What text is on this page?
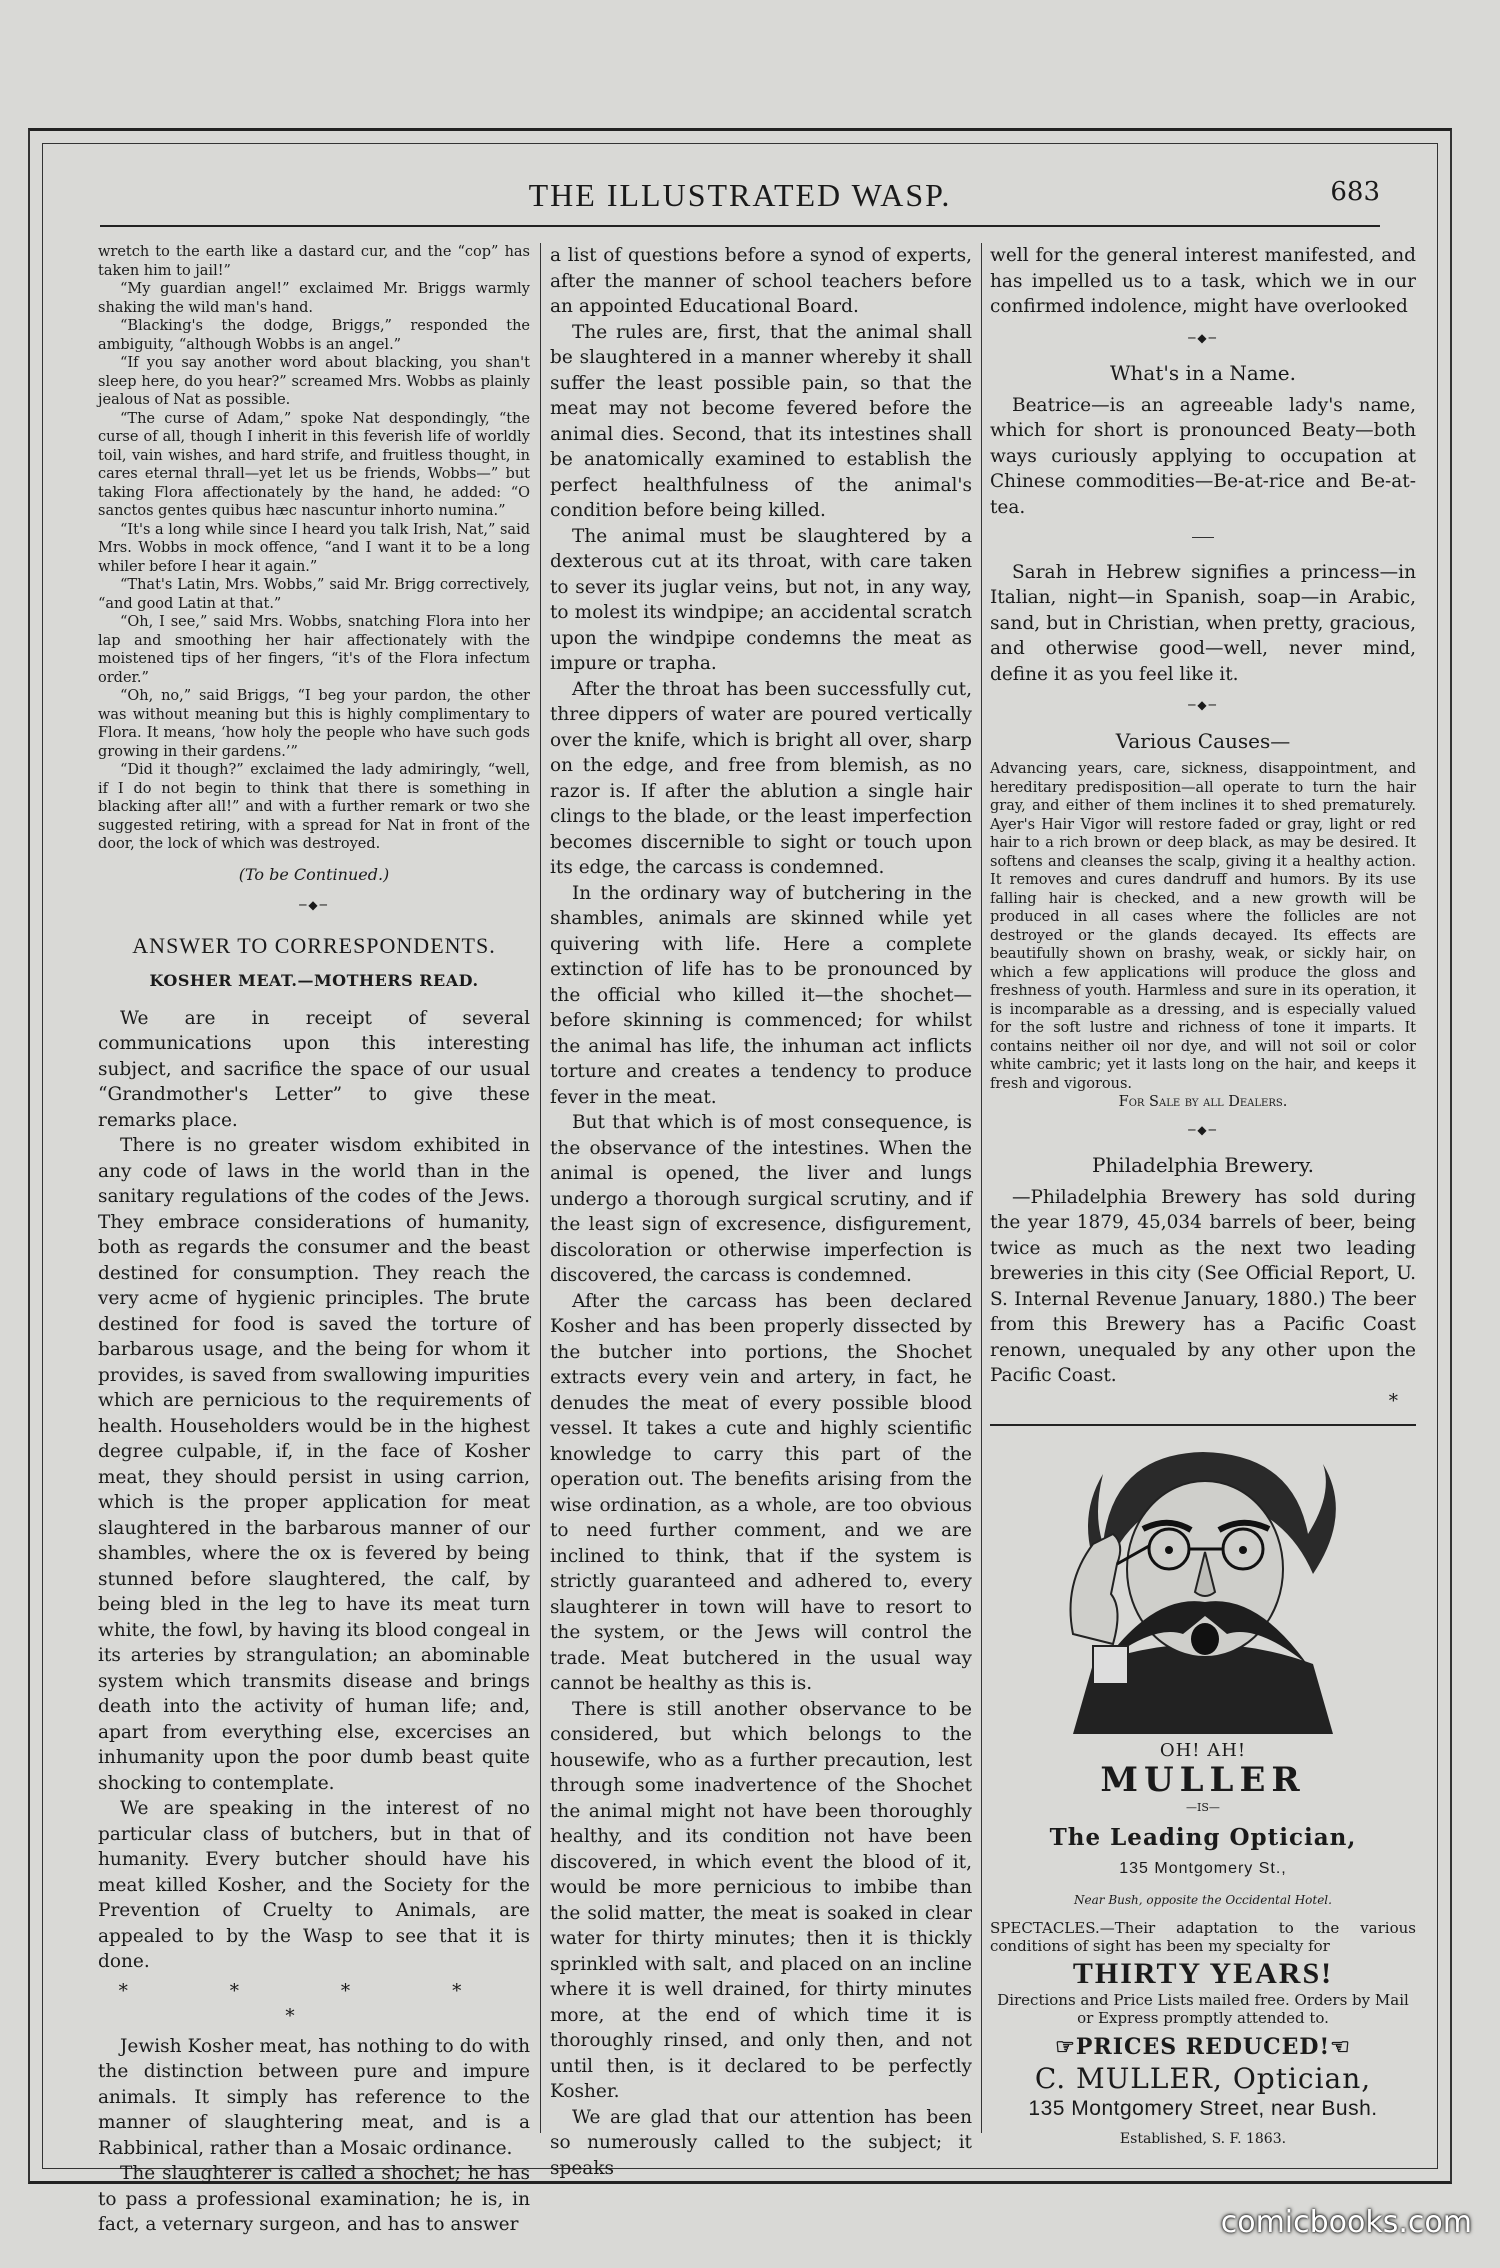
THE ILLUSTRATED WASP.	683

wretch to the earth like a dastard cur, and the “cop” has taken him to jail!”

“My guardian angel!” exclaimed Mr. Briggs warmly shaking the wild man's hand.

“Blacking's the dodge, Briggs,” responded the ambiguity, “although Wobbs is an angel.”

“If you say another word about blacking, you shan't sleep here, do you hear?” screamed Mrs. Wobbs as plainly jealous of Nat as possible.

“The curse of Adam,” spoke Nat despondingly, “the curse of all, though I inherit in this feverish life of worldly toil, vain wishes, and hard strife, and fruitless thought, in cares eternal thrall—yet let us be friends, Wobbs—” but taking Flora affectionately by the hand, he added: “O sanctos gentes quibus hæc nascuntur inhorto numina.”

“It's a long while since I heard you talk Irish, Nat,” said Mrs. Wobbs in mock offence, “and I want it to be a long whiler before I hear it again.”

“That's Latin, Mrs. Wobbs,” said Mr. Brigg correctively, “and good Latin at that.”

“Oh, I see,” said Mrs. Wobbs, snatching Flora into her lap and smoothing her hair affectionately with the moistened tips of her fingers, “it's of the Flora infectum order.”

“Oh, no,” said Briggs, “I beg your pardon, the other was without meaning but this is highly complimentary to Flora. It means, ‘how holy the people who have such gods growing in their gardens.’”

“Did it though?” exclaimed the lady admiringly, “well, if I do not begin to think that there is something in blacking after all!” and with a further remark or two she suggested retiring, with a spread for Nat in front of the door, the lock of which was destroyed.

(To be Continued.)

─◆─
ANSWER TO CORRESPONDENTS.
KOSHER MEAT.—MOTHERS READ.

We are in receipt of several communications upon this interesting subject, and sacrifice the space of our usual “Grandmother's Letter” to give these remarks place.

There is no greater wisdom exhibited in any code of laws in the world than in the sanitary regulations of the codes of the Jews. They embrace considerations of humanity, both as regards the consumer and the beast destined for consumption. They reach the very acme of hygienic principles. The brute destined for food is saved the torture of barbarous usage, and the being for whom it provides, is saved from swallowing impurities which are pernicious to the requirements of health. Householders would be in the highest degree culpable, if, in the face of Kosher meat, they should persist in using carrion, which is the proper application for meat slaughtered in the barbarous manner of our shambles, where the ox is fevered by being stunned before slaughtered, the calf, by being bled in the leg to have its meat turn white, the fowl, by having its blood congeal in its arteries by strangulation; an abominable system which transmits disease and brings death into the activity of human life; and, apart from everything else, excercises an inhumanity upon the poor dumb beast quite shocking to contemplate.

We are speaking in the interest of no particular class of butchers, but in that of humanity. Every butcher should have his meat killed Kosher, and the Society for the Prevention of Cruelty to Animals, are appealed to by the Wasp to see that it is done.

* * * * *

Jewish Kosher meat, has nothing to do with the distinction between pure and impure animals. It simply has reference to the manner of slaughtering meat, and is a Rabbinical, rather than a Mosaic ordinance.

The slaughterer is called a shochet; he has to pass a professional examination; he is, in fact, a veternary surgeon, and has to answer

a list of questions before a synod of experts, after the manner of school teachers before an appointed Educational Board.

The rules are, first, that the animal shall be slaughtered in a manner whereby it shall suffer the least possible pain, so that the meat may not become fevered before the animal dies. Second, that its intestines shall be anatomically examined to establish the perfect healthfulness of the animal's condition before being killed.

The animal must be slaughtered by a dexterous cut at its throat, with care taken to sever its juglar veins, but not, in any way, to molest its windpipe; an accidental scratch upon the windpipe condemns the meat as impure or trapha.

After the throat has been successfully cut, three dippers of water are poured vertically over the knife, which is bright all over, sharp on the edge, and free from blemish, as no razor is. If after the ablution a single hair clings to the blade, or the least imperfection becomes discernible to sight or touch upon its edge, the carcass is condemned.

In the ordinary way of butchering in the shambles, animals are skinned while yet quivering with life. Here a complete extinction of life has to be pronounced by the official who killed it—the shochet—before skinning is commenced; for whilst the animal has life, the inhuman act inflicts torture and creates a tendency to produce fever in the meat.

But that which is of most consequence, is the observance of the intestines. When the animal is opened, the liver and lungs undergo a thorough surgical scrutiny, and if the least sign of excresence, disfigurement, discoloration or otherwise imperfection is discovered, the carcass is condemned.

After the carcass has been declared Kosher and has been properly dissected by the butcher into portions, the Shochet extracts every vein and artery, in fact, he denudes the meat of every possible blood vessel. It takes a cute and highly scientific knowledge to carry this part of the operation out. The benefits arising from the wise ordination, as a whole, are too obvious to need further comment, and we are inclined to think, that if the system is strictly guaranteed and adhered to, every slaughterer in town will have to resort to the system, or the Jews will control the trade. Meat butchered in the usual way cannot be healthy as this is.

There is still another observance to be considered, but which belongs to the housewife, who as a further precaution, lest through some inadvertence of the Shochet the animal might not have been thoroughly healthy, and its condition not have been discovered, in which event the blood of it, would be more pernicious to imbibe than the solid matter, the meat is soaked in clear water for thirty minutes; then it is thickly sprinkled with salt, and placed on an incline where it is well drained, for thirty minutes more, at the end of which time it is thoroughly rinsed, and only then, and not until then, is it declared to be perfectly Kosher.

We are glad that our attention has been so numerously called to the subject; it speaks

well for the general interest manifested, and has impelled us to a task, which we in our confirmed indolence, might have overlooked

─◆─
What's in a Name.

Beatrice—is an agreeable lady's name, which for short is pronounced Beaty—both ways curiously applying to occupation at Chinese commodities—Be-at-rice and Be-at-tea.

Sarah in Hebrew signifies a princess—in Italian, night—in Spanish, soap—in Arabic, sand, but in Christian, when pretty, gracious, and otherwise good—well, never mind, define it as you feel like it.

─◆─
Various Causes—

Advancing years, care, sickness, disappointment, and hereditary predisposition—all operate to turn the hair gray, and either of them inclines it to shed prematurely. Ayer's Hair Vigor will restore faded or gray, light or red hair to a rich brown or deep black, as may be desired. It softens and cleanses the scalp, giving it a healthy action. It removes and cures dandruff and humors. By its use falling hair is checked, and a new growth will be produced in all cases where the follicles are not destroyed or the glands decayed. Its effects are beautifully shown on brashy, weak, or sickly hair, on which a few applications will produce the gloss and freshness of youth. Harmless and sure in its operation, it is incomparable as a dressing, and is especially valued for the soft lustre and richness of tone it imparts. It contains neither oil nor dye, and will not soil or color white cambric; yet it lasts long on the hair, and keeps it fresh and vigorous.

For Sale by all Dealers.

─◆─
Philadelphia Brewery.

—Philadelphia Brewery has sold during the year 1879, 45,034 barrels of beer, being twice as much as the next two leading breweries in this city (See Official Report, U. S. Internal Revenue January, 1880.) The beer from this Brewery has a Pacific Coast renown, unequaled by any other upon the Pacific Coast.

*

OH! AH!
MULLER
—IS—
The Leading Optician,
135 Montgomery St.,
Near Bush, opposite the Occidental Hotel.
SPECTACLES.—Their adaptation to the various conditions of sight has been my specialty for
THIRTY YEARS!
Directions and Price Lists mailed free. Orders by Mail or Express promptly attended to.
☞PRICES REDUCED!☜
C. MULLER, Optician,
135 Montgomery Street, near Bush.
Established, S. F. 1863.
comicbooks.com
